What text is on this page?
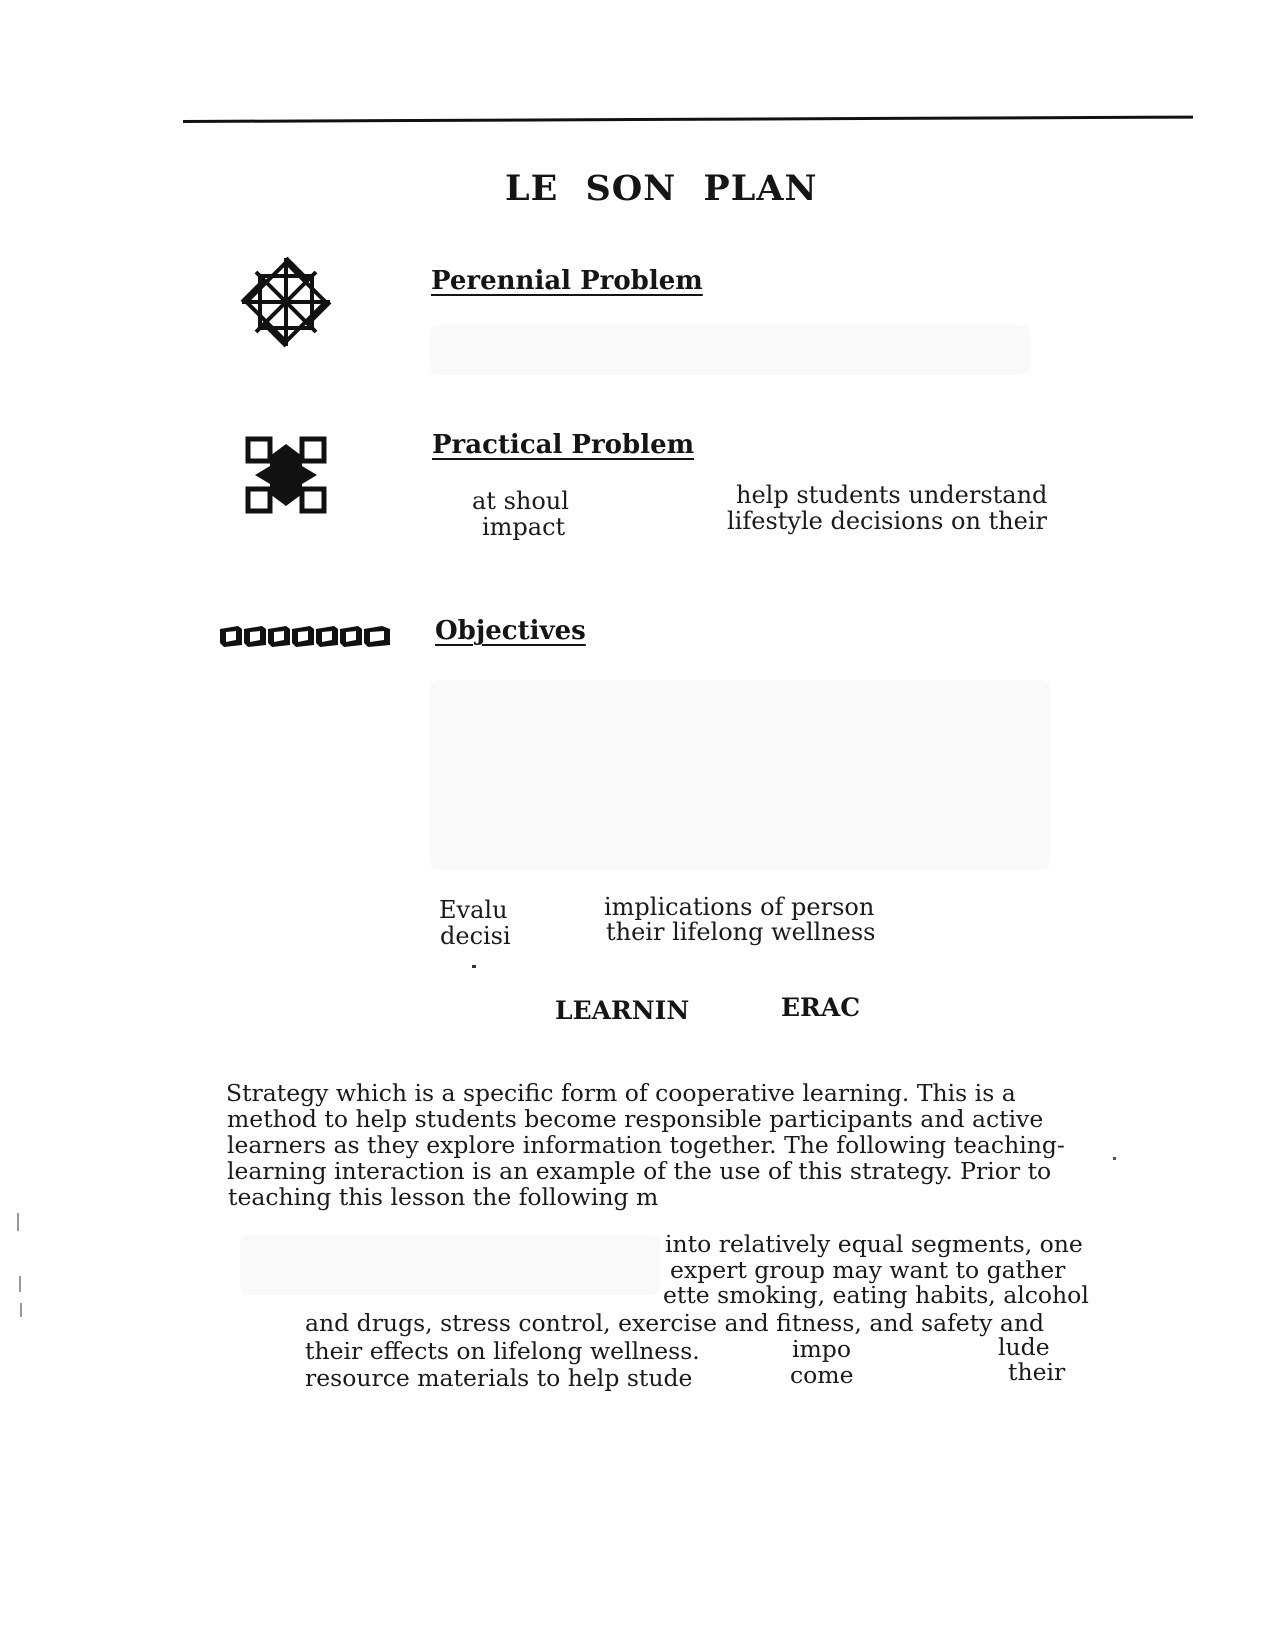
LE SON PLAN
Perennial Problem
Practical Problem
at shoul
impact
help students understand
lifestyle decisions on their
Objectives
Evalu
decisi
implications of person
their lifelong wellness
LEARNIN	ERAC
Strategy which is a specific form of cooperative learning. This is a
method to help students become responsible participants and active
learners as they explore information together. The following teaching-
learning interaction is an example of the use of this strategy. Prior to
teaching this lesson the following m
into relatively equal segments, one
expert group may want to gather
ette smoking, eating habits, alcohol
and drugs, stress control, exercise and fitness, and safety and
their effects on lifelong wellness.	impo	lude
resource materials to help stude	come	their
